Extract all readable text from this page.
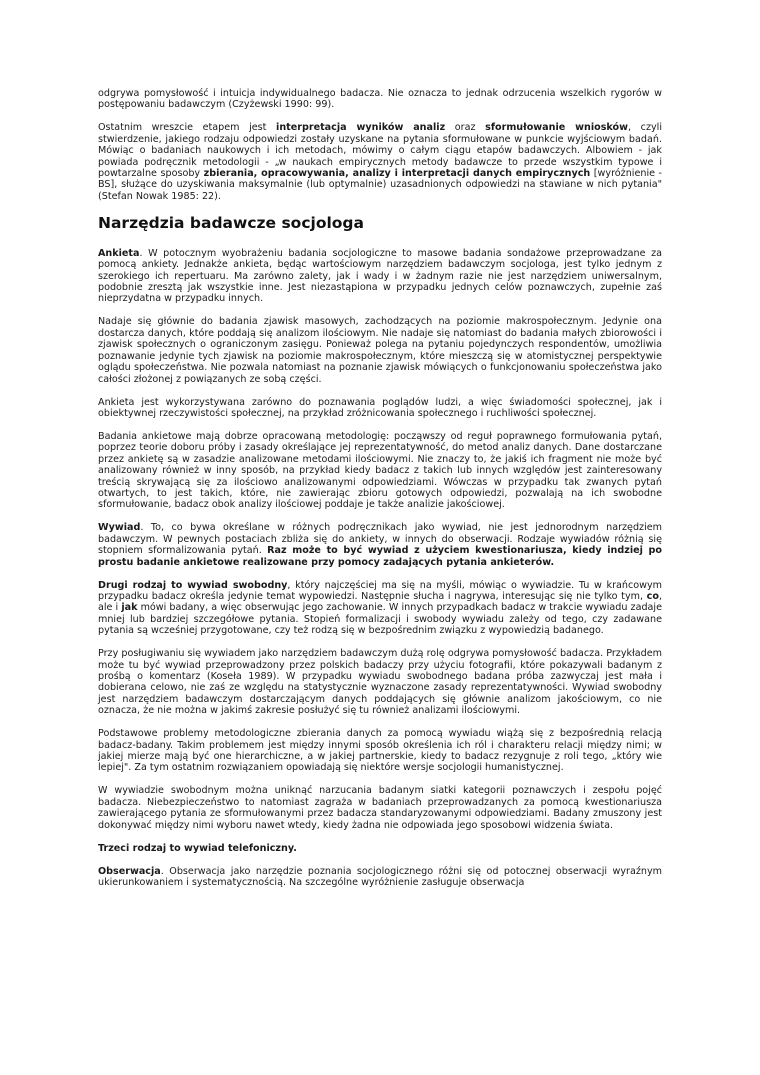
odgrywa pomysłowość i intuicja indywidualnego badacza. Nie oznacza to jednak odrzucenia wszelkich rygorów w postępowaniu badawczym (Czyżewski 1990: 99).

Ostatnim wreszcie etapem jest interpretacja wyników analiz oraz sformułowanie wniosków, czyli stwierdzenie, jakiego rodzaju odpowiedzi zostały uzyskane na pytania sformułowane w punkcie wyjściowym badań. Mówiąc o badaniach naukowych i ich metodach, mówimy o całym ciągu etapów badawczych. Albowiem - jak powiada podręcznik metodologii - „w naukach empirycznych metody badawcze to przede wszystkim typowe i powtarzalne sposoby zbierania, opracowywania, analizy i interpretacji danych empirycznych [wyróżnienie - BS], służące do uzyskiwania maksymalnie (lub optymalnie) uzasadnionych odpowiedzi na stawiane w nich pytania" (Stefan Nowak 1985: 22).

Narzędzia badawcze socjologa

Ankieta. W potocznym wyobrażeniu badania socjologiczne to masowe badania sondażowe przeprowadzane za pomocą ankiety. Jednakże ankieta, będąc wartościowym narzędziem badawczym socjologa, jest tylko jednym z szerokiego ich repertuaru. Ma zarówno zalety, jak i wady i w żadnym razie nie jest narzędziem uniwersalnym, podobnie zresztą jak wszystkie inne. Jest niezastąpiona w przypadku jednych celów poznawczych, zupełnie zaś nieprzydatna w przypadku innych.

Nadaje się głównie do badania zjawisk masowych, zachodzących na poziomie makrospołecznym. Jedynie ona dostarcza danych, które poddają się analizom ilościowym. Nie nadaje się natomiast do badania małych zbiorowości i zjawisk społecznych o ograniczonym zasięgu. Ponieważ polega na pytaniu pojedynczych respondentów, umożliwia poznawanie jedynie tych zjawisk na poziomie makrospołecznym, które mieszczą się w atomistycznej perspektywie oglądu społeczeństwa. Nie pozwala natomiast na poznanie zjawisk mówiących o funkcjonowaniu społeczeństwa jako całości złożonej z powiązanych ze sobą części.

Ankieta jest wykorzystywana zarówno do poznawania poglądów ludzi, a więc świadomości społecznej, jak i obiektywnej rzeczywistości społecznej, na przykład zróżnicowania społecznego i ruchliwości społecznej.

Badania ankietowe mają dobrze opracowaną metodologię: począwszy od reguł poprawnego formułowania pytań, poprzez teorie doboru próby i zasady określające jej reprezentatywność, do metod analiz danych. Dane dostarczane przez ankietę są w zasadzie analizowane metodami ilościowymi. Nie znaczy to, że jakiś ich fragment nie może być analizowany również w inny sposób, na przykład kiedy badacz z takich lub innych względów jest zainteresowany treścią skrywającą się za ilościowo analizowanymi odpowiedziami. Wówczas w przypadku tak zwanych pytań otwartych, to jest takich, które, nie zawierając zbioru gotowych odpowiedzi, pozwalają na ich swobodne sformułowanie, badacz obok analizy ilościowej poddaje je także analizie jakościowej.

Wywiad. To, co bywa określane w różnych podręcznikach jako wywiad, nie jest jednorodnym narzędziem badawczym. W pewnych postaciach zbliża się do ankiety, w innych do obserwacji. Rodzaje wywiadów różnią się stopniem sformalizowania pytań. Raz może to być wywiad z użyciem kwestionariusza, kiedy indziej po prostu badanie ankietowe realizowane przy pomocy zadających pytania ankieterów.

Drugi rodzaj to wywiad swobodny, który najczęściej ma się na myśli, mówiąc o wywiadzie. Tu w krańcowym przypadku badacz określa jedynie temat wypowiedzi. Następnie słucha i nagrywa, interesując się nie tylko tym, co, ale i jak mówi badany, a więc obserwując jego zachowanie. W innych przypadkach badacz w trakcie wywiadu zadaje mniej lub bardziej szczegółowe pytania. Stopień formalizacji i swobody wywiadu zależy od tego, czy zadawane pytania są wcześniej przygotowane, czy też rodzą się w bezpośrednim związku z wypowiedzią badanego.

Przy posługiwaniu się wywiadem jako narzędziem badawczym dużą rolę odgrywa pomysłowość badacza. Przykładem może tu być wywiad przeprowadzony przez polskich badaczy przy użyciu fotografii, które pokazywali badanym z prośbą o komentarz (Koseła 1989). W przypadku wywiadu swobodnego badana próba zazwyczaj jest mała i dobierana celowo, nie zaś ze względu na statystycznie wyznaczone zasady reprezentatywności. Wywiad swobodny jest narzędziem badawczym dostarczającym danych poddających się głównie analizom jakościowym, co nie oznacza, że nie można w jakimś zakresie posłużyć się tu również analizami ilościowymi.

Podstawowe problemy metodologiczne zbierania danych za pomocą wywiadu wiążą się z bezpośrednią relacją badacz-badany. Takim problemem jest między innymi sposób określenia ich ról i charakteru relacji między nimi; w jakiej mierze mają być one hierarchiczne, a w jakiej partnerskie, kiedy to badacz rezygnuje z roli tego, „który wie lepiej". Za tym ostatnim rozwiązaniem opowiadają się niektóre wersje socjologii humanistycznej.

W wywiadzie swobodnym można uniknąć narzucania badanym siatki kategorii poznawczych i zespołu pojęć badacza. Niebezpieczeństwo to natomiast zagraża w badaniach przeprowadzanych za pomocą kwestionariusza zawierającego pytania ze sformułowanymi przez badacza standaryzowanymi odpowiedziami. Badany zmuszony jest dokonywać między nimi wyboru nawet wtedy, kiedy żadna nie odpowiada jego sposobowi widzenia świata.

Trzeci rodzaj to wywiad telefoniczny.

Obserwacja. Obserwacja jako narzędzie poznania socjologicznego różni się od potocznej obserwacji wyraźnym ukierunkowaniem i systematycznością. Na szczególne wyróżnienie zasługuje obserwacja
